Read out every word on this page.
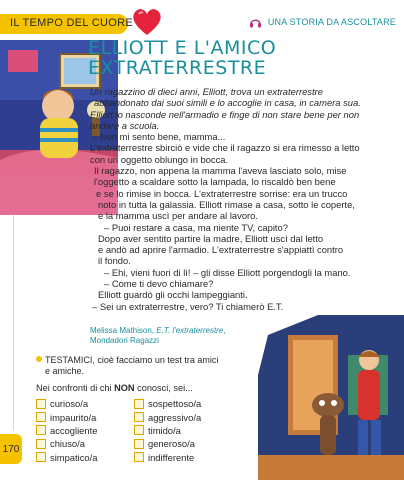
IL TEMPO DEL CUORE	UNA STORIA DA ASCOLTARE
ELLIOTT E L'AMICO
EXTRATERRESTRE
Un ragazzino di dieci anni, Elliott, trova un extraterrestre
abbandonato dai suoi simili e lo accoglie in casa, in camera sua.
Elliott lo nasconde nell'armadio e finge di non stare bene per non
andare a scuola.
– Non mi sento bene, mamma...
L'extraterrestre sbirciò e vide che il ragazzo si era rimesso a letto
con un oggetto oblungo in bocca.
Il ragazzo, non appena la mamma l'aveva lasciato solo, mise
l'oggetto a scaldare sotto la lampada, lo riscaldò ben bene
e se lo rimise in bocca. L'extraterrestre sorrise: era un trucco
noto in tutta la galassia. Elliott rimase a casa, sotto le coperte,
e la mamma uscì per andare al lavoro.
– Puoi restare a casa, ma niente TV, capito?
Dopo aver sentito partire la madre, Elliott uscì dal letto
e andò ad aprire l'armadio. L'extraterrestre s'appiattì contro
il fondo.
– Ehi, vieni fuori di lì! – gli disse Elliott porgendogli la mano.
– Come ti devo chiamare?
Elliott guardò gli occhi lampeggianti.
– Sei un extraterrestre, vero? Ti chiamerò E.T.
Melissa Mathison, E.T. l'extraterrestre,
Mondadori Ragazzi
TESTAMICI, cioè facciamo un test tra amici
e amiche.
Nei confronti di chi NON conosci, sei...
curioso/a
impaurito/a
accogliente
chiuso/a
simpatico/a
sospettoso/a
aggressivo/a
timido/a
generoso/a
indifferente
170
